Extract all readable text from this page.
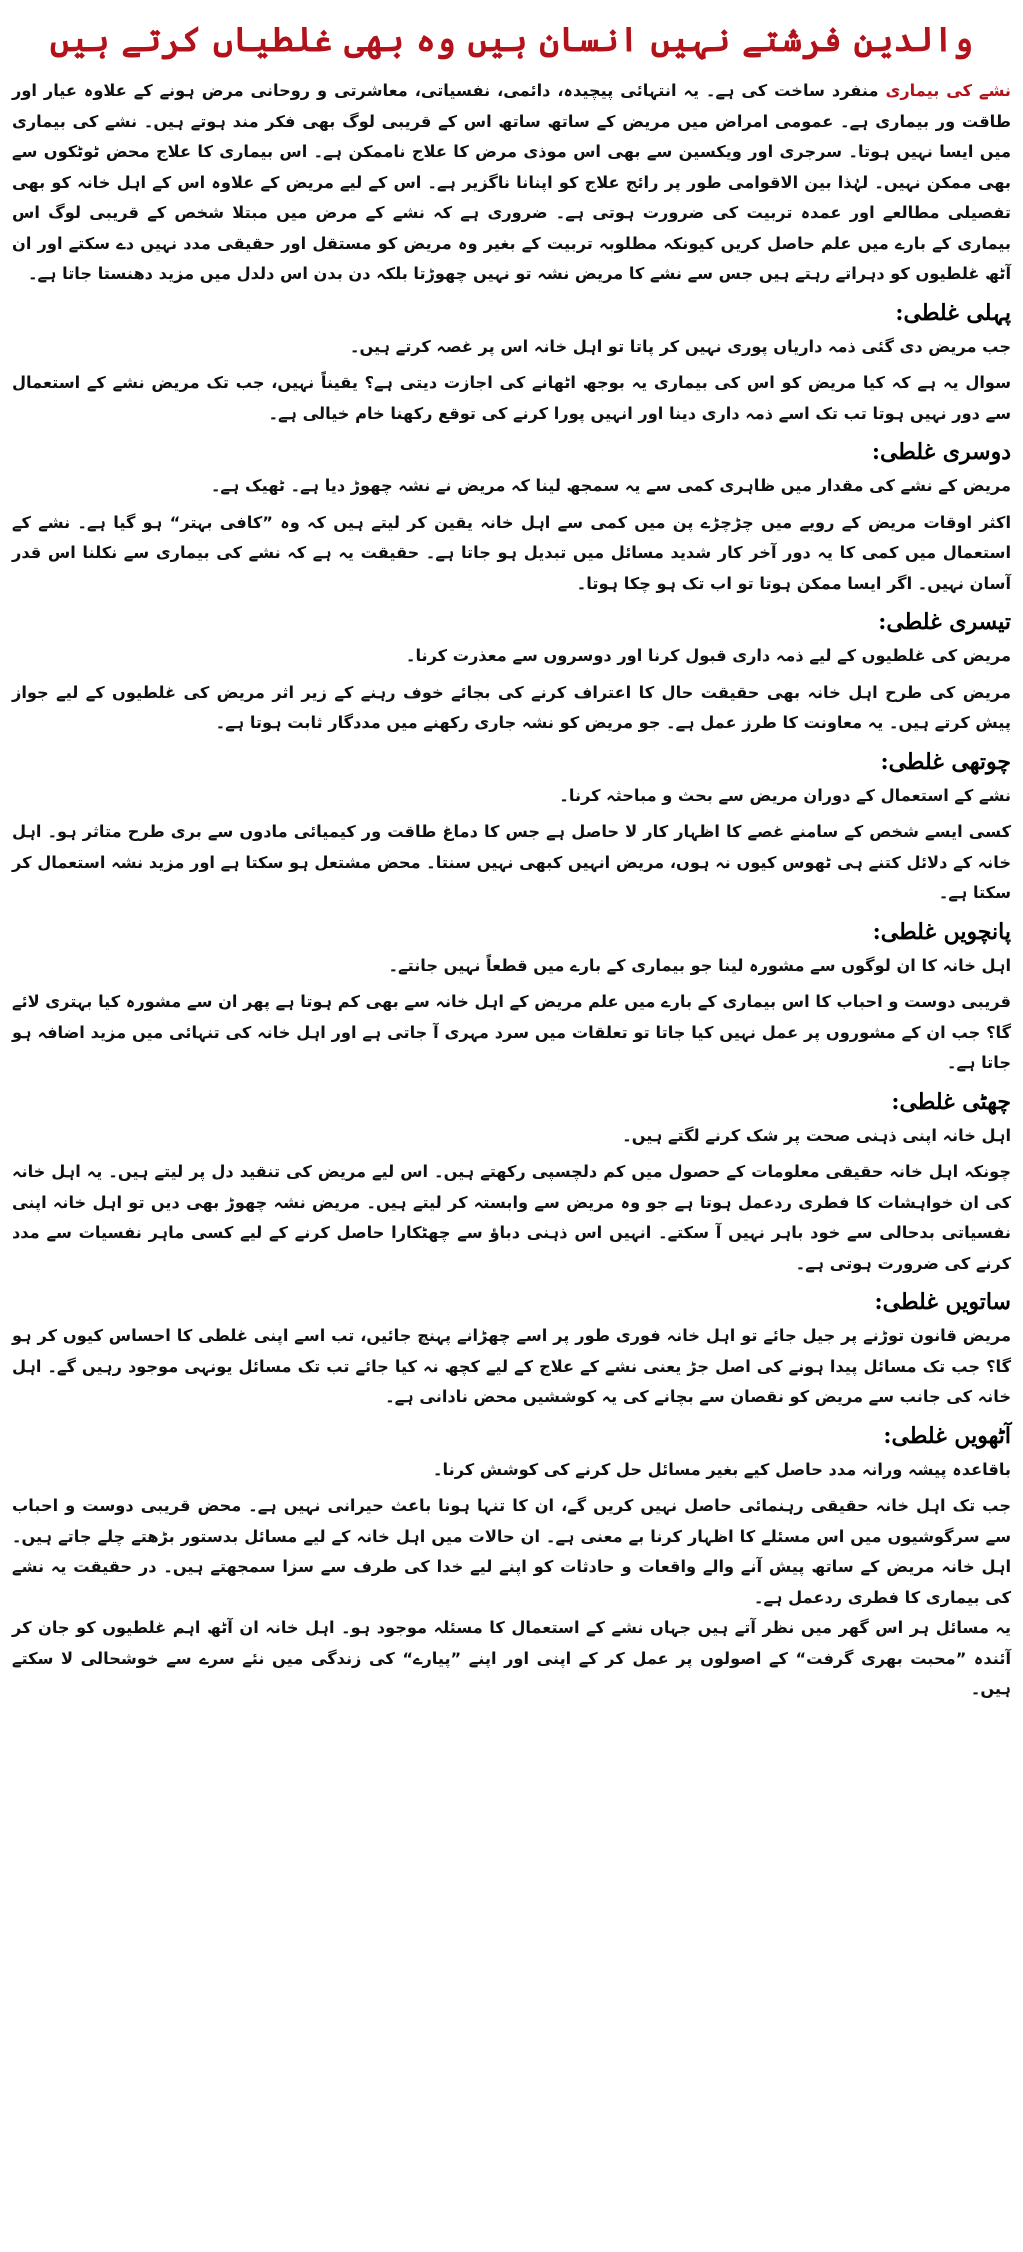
والدین فرشتے نہیں انسان ہیں وہ بھی غلطیاں کرتے ہیں

نشے کی بیماری منفرد ساخت کی ہے۔ یہ انتہائی پیچیدہ، دائمی، نفسیاتی، معاشرتی و روحانی مرض ہونے کے علاوہ عیار اور طاقت ور بیماری ہے۔ عمومی امراض میں مریض کے ساتھ ساتھ اس کے قریبی لوگ بھی فکر مند ہوتے ہیں۔ نشے کی بیماری میں ایسا نہیں ہوتا۔ سرجری اور ویکسین سے بھی اس موذی مرض کا علاج ناممکن ہے۔ اس بیماری کا علاج محض ٹوٹکوں سے بھی ممکن نہیں۔ لہٰذا بین الاقوامی طور پر رائج علاج کو اپنانا ناگزیر ہے۔ اس کے لیے مریض کے علاوہ اس کے اہل خانہ کو بھی تفصیلی مطالعے اور عمدہ تربیت کی ضرورت ہوتی ہے۔ ضروری ہے کہ نشے کے مرض میں مبتلا شخص کے قریبی لوگ اس بیماری کے بارے میں علم حاصل کریں کیونکہ مطلوبہ تربیت کے بغیر وہ مریض کو مستقل اور حقیقی مدد نہیں دے سکتے اور ان آٹھ غلطیوں کو دہراتے رہتے ہیں جس سے نشے کا مریض نشہ تو نہیں چھوڑتا بلکہ دن بدن اس دلدل میں مزید دھنستا جاتا ہے۔

پہلی غلطی:

جب مریض دی گئی ذمہ داریاں پوری نہیں کر پاتا تو اہل خانہ اس پر غصہ کرتے ہیں۔

سوال یہ ہے کہ کیا مریض کو اس کی بیماری یہ بوجھ اٹھانے کی اجازت دیتی ہے؟ یقیناً نہیں، جب تک مریض نشے کے استعمال سے دور نہیں ہوتا تب تک اسے ذمہ داری دینا اور انہیں پورا کرنے کی توقع رکھنا خام خیالی ہے۔

دوسری غلطی:

مریض کے نشے کی مقدار میں ظاہری کمی سے یہ سمجھ لینا کہ مریض نے نشہ چھوڑ دیا ہے۔ ٹھیک ہے۔

اکثر اوقات مریض کے رویے میں چڑچڑے پن میں کمی سے اہل خانہ یقین کر لیتے ہیں کہ وہ ”کافی بہتر“ ہو گیا ہے۔ نشے کے استعمال میں کمی کا یہ دور آخر کار شدید مسائل میں تبدیل ہو جاتا ہے۔ حقیقت یہ ہے کہ نشے کی بیماری سے نکلنا اس قدر آسان نہیں۔ اگر ایسا ممکن ہوتا تو اب تک ہو چکا ہوتا۔

تیسری غلطی:

مریض کی غلطیوں کے لیے ذمہ داری قبول کرنا اور دوسروں سے معذرت کرنا۔

مریض کی طرح اہل خانہ بھی حقیقت حال کا اعتراف کرنے کی بجائے خوف رہنے کے زیر اثر مریض کی غلطیوں کے لیے جواز پیش کرتے ہیں۔ یہ معاونت کا طرز عمل ہے۔ جو مریض کو نشہ جاری رکھنے میں مددگار ثابت ہوتا ہے۔

چوتھی غلطی:

نشے کے استعمال کے دوران مریض سے بحث و مباحثہ کرنا۔

کسی ایسے شخص کے سامنے غصے کا اظہار کار لا حاصل ہے جس کا دماغ طاقت ور کیمیائی مادوں سے بری طرح متاثر ہو۔ اہل خانہ کے دلائل کتنے ہی ٹھوس کیوں نہ ہوں، مریض انہیں کبھی نہیں سنتا۔ محض مشتعل ہو سکتا ہے اور مزید نشہ استعمال کر سکتا ہے۔

پانچویں غلطی:

اہل خانہ کا ان لوگوں سے مشورہ لینا جو بیماری کے بارے میں قطعاً نہیں جانتے۔

قریبی دوست و احباب کا اس بیماری کے بارے میں علم مریض کے اہل خانہ سے بھی کم ہوتا ہے پھر ان سے مشورہ کیا بہتری لائے گا؟ جب ان کے مشوروں پر عمل نہیں کیا جاتا تو تعلقات میں سرد مہری آ جاتی ہے اور اہل خانہ کی تنہائی میں مزید اضافہ ہو جاتا ہے۔

چھٹی غلطی:

اہل خانہ اپنی ذہنی صحت پر شک کرنے لگتے ہیں۔

چونکہ اہل خانہ حقیقی معلومات کے حصول میں کم دلچسپی رکھتے ہیں۔ اس لیے مریض کی تنقید دل پر لیتے ہیں۔ یہ اہل خانہ کی ان خواہشات کا فطری ردعمل ہوتا ہے جو وہ مریض سے وابستہ کر لیتے ہیں۔ مریض نشہ چھوڑ بھی دیں تو اہل خانہ اپنی نفسیاتی بدحالی سے خود باہر نہیں آ سکتے۔ انہیں اس ذہنی دباؤ سے چھٹکارا حاصل کرنے کے لیے کسی ماہر نفسیات سے مدد کرنے کی ضرورت ہوتی ہے۔

ساتویں غلطی:

مریض قانون توڑنے پر جیل جائے تو اہل خانہ فوری طور پر اسے چھڑانے پہنچ جائیں، تب اسے اپنی غلطی کا احساس کیوں کر ہو گا؟ جب تک مسائل پیدا ہونے کی اصل جڑ یعنی نشے کے علاج کے لیے کچھ نہ کیا جائے تب تک مسائل یونہی موجود رہیں گے۔ اہل خانہ کی جانب سے مریض کو نقصان سے بچانے کی یہ کوششیں محض نادانی ہے۔

آٹھویں غلطی:

باقاعدہ پیشہ ورانہ مدد حاصل کیے بغیر مسائل حل کرنے کی کوشش کرنا۔

جب تک اہل خانہ حقیقی رہنمائی حاصل نہیں کریں گے، ان کا تنہا ہونا باعث حیرانی نہیں ہے۔ محض قریبی دوست و احباب سے سرگوشیوں میں اس مسئلے کا اظہار کرنا بے معنی ہے۔ ان حالات میں اہل خانہ کے لیے مسائل بدستور بڑھتے چلے جاتے ہیں۔ اہل خانہ مریض کے ساتھ پیش آنے والے واقعات و حادثات کو اپنے لیے خدا کی طرف سے سزا سمجھتے ہیں۔ در حقیقت یہ نشے کی بیماری کا فطری ردعمل ہے۔

یہ مسائل ہر اس گھر میں نظر آتے ہیں جہاں نشے کے استعمال کا مسئلہ موجود ہو۔ اہل خانہ ان آٹھ اہم غلطیوں کو جان کر آئندہ ”محبت بھری گرفت“ کے اصولوں پر عمل کر کے اپنی اور اپنے ”پیارے“ کی زندگی میں نئے سرے سے خوشحالی لا سکتے ہیں۔
